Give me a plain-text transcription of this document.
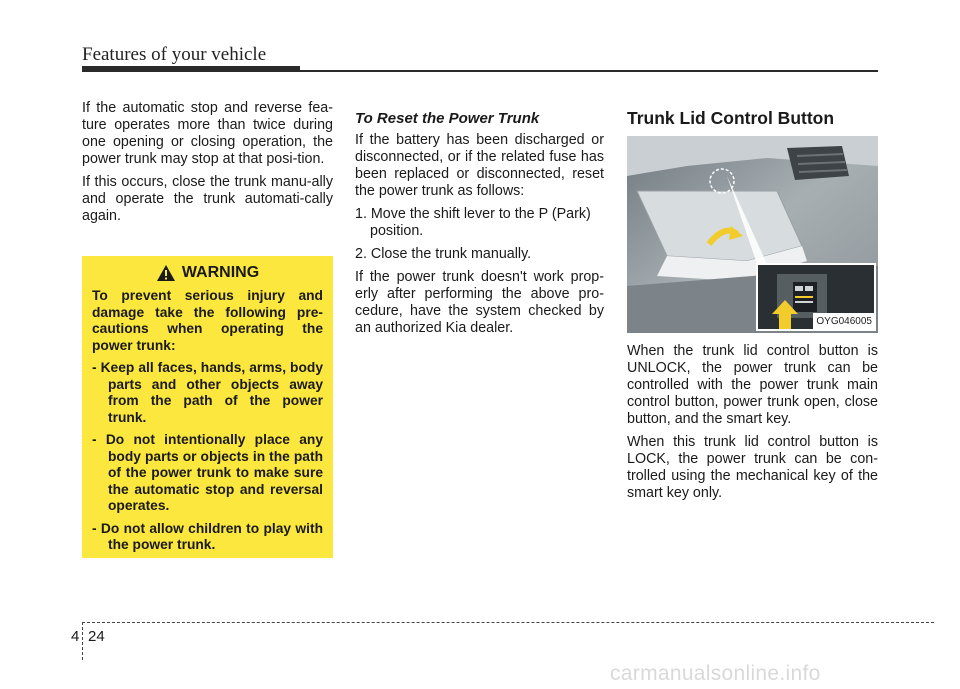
Features of your vehicle

If the automatic stop and reverse fea-ture operates more than twice during one opening or closing operation, the power trunk may stop at that posi-tion.

If this occurs, close the trunk manu-ally and operate the trunk automati-cally again.

WARNING

To prevent serious injury and damage take the following pre-cautions when operating the power trunk:

- Keep all faces, hands, arms, body parts and other objects away from the path of the power trunk.

- Do not intentionally place any body parts or objects in the path of the power trunk to make sure the automatic stop and reversal operates.

- Do not allow children to play with the power trunk.

To Reset the Power Trunk

If the battery has been discharged or disconnected, or if the related fuse has been replaced or disconnected, reset the power trunk as follows:

1. Move the shift lever to the P (Park) position.

2. Close the trunk manually.

If the power trunk doesn't work prop-erly after performing the above pro-cedure, have the system checked by an authorized Kia dealer.

Trunk Lid Control Button
OYG046005

When the trunk lid control button is UNLOCK, the power trunk can be controlled with the power trunk main control button, power trunk open, close button, and the smart key.

When this trunk lid control button is LOCK, the power trunk can be con-trolled using the mechanical key of the smart key only.

4 24
carmanualsonline.info
